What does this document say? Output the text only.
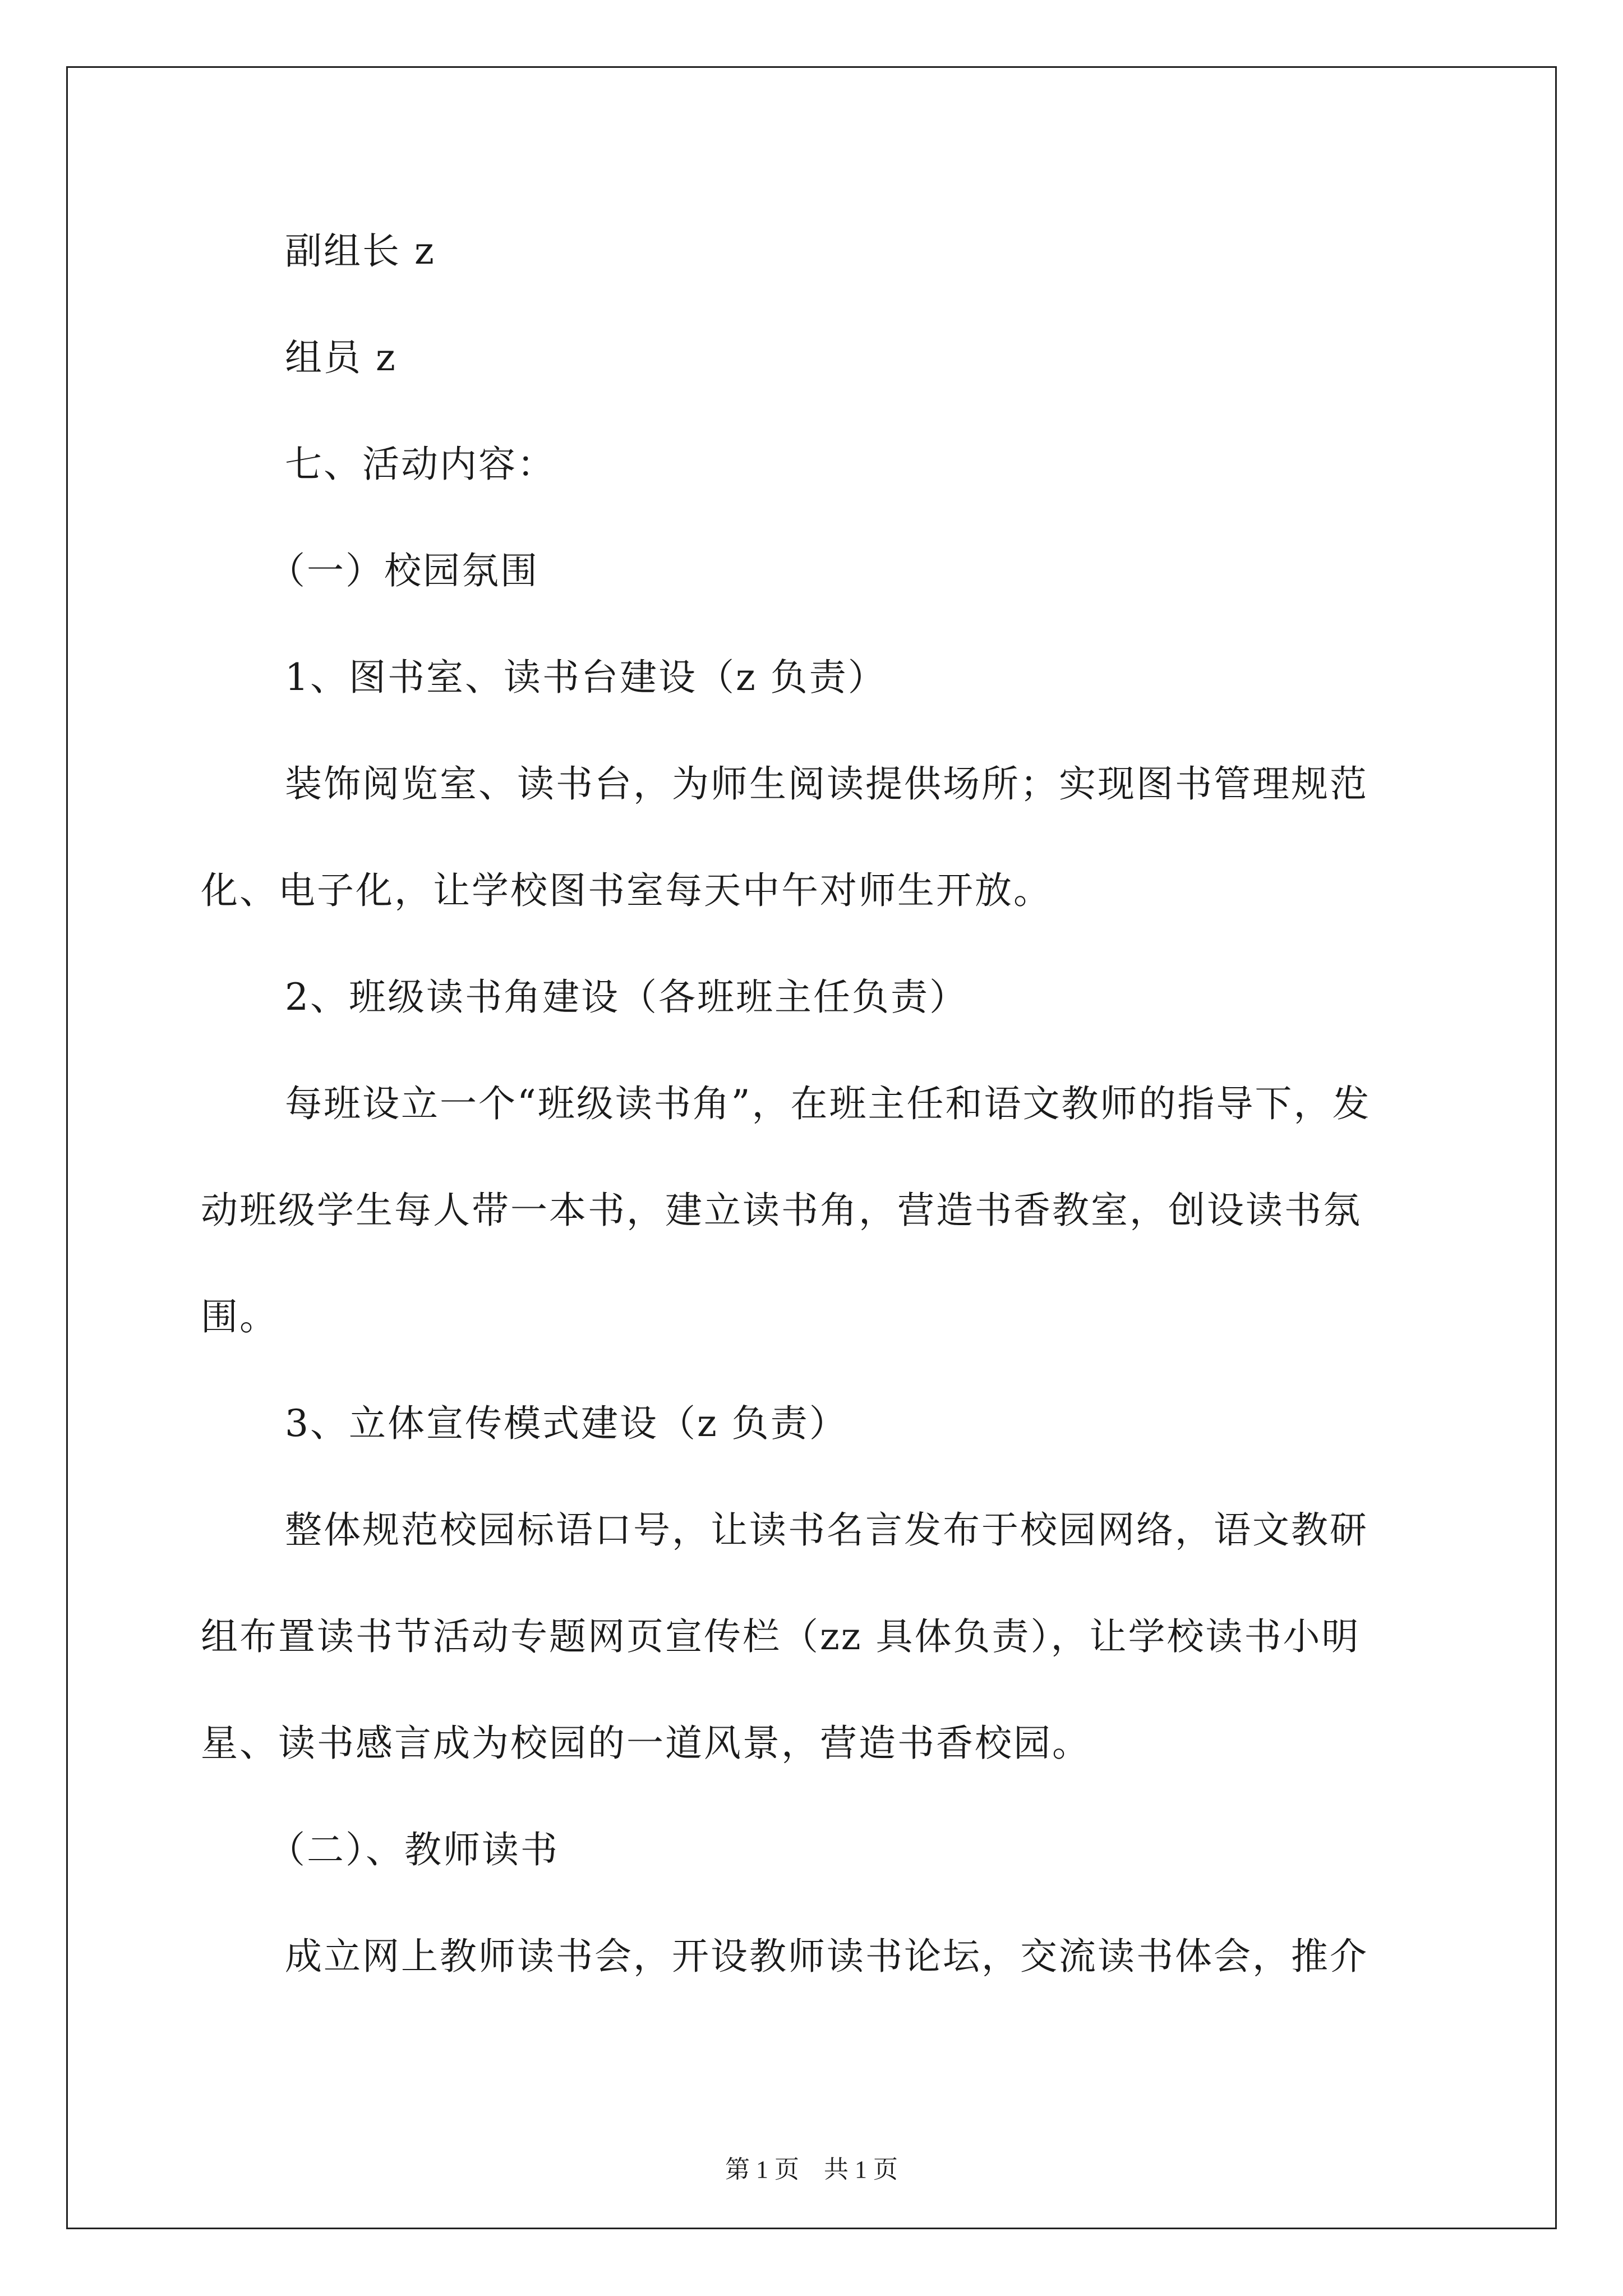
副组长 z
组员 z
七、活动内容：
（一）校园氛围
1、图书室、读书台建设（z 负责）
装饰阅览室、读书台，为师生阅读提供场所；实现图书管理规范
化、电子化，让学校图书室每天中午对师生开放。
2、班级读书角建设（各班班主任负责）
每班设立一个“班级读书角”，在班主任和语文教师的指导下，发
动班级学生每人带一本书，建立读书角，营造书香教室，创设读书氛
围。
3、立体宣传模式建设（z 负责）
整体规范校园标语口号，让读书名言发布于校园网络，语文教研
组布置读书节活动专题网页宣传栏（zz 具体负责），让学校读书小明
星、读书感言成为校园的一道风景，营造书香校园。
（二）、教师读书
成立网上教师读书会，开设教师读书论坛，交流读书体会，推介
第 1 页　共 1 页
